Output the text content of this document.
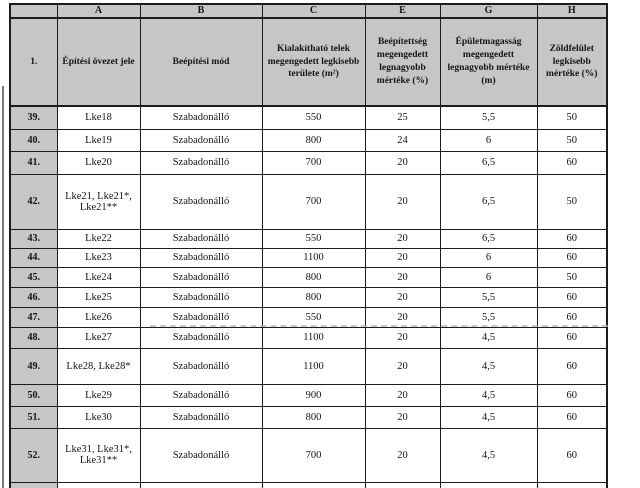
	A	B	C	E	G	H
1.	Építési övezet jele	Beépítési mód	Kialakítható telek megengedett legkisebb területe (m²)	Beépítettség megengedett legnagyobb mértéke (%)	Épületmagasság megengedett legnagyobb mértéke (m)	Zöldfelület legkisebb mértéke (%)
39.	Lke18	Szabadonálló	550	25	5,5	50
40.	Lke19	Szabadonálló	800	24	6	50
41.	Lke20	Szabadonálló	700	20	6,5	60
42.	Lke21, Lke21*, Lke21**	Szabadonálló	700	20	6,5	50
43.	Lke22	Szabadonálló	550	20	6,5	60
44.	Lke23	Szabadonálló	1100	20	6	60
45.	Lke24	Szabadonálló	800	20	6	50
46.	Lke25	Szabadonálló	800	20	5,5	60
47.	Lke26	Szabadonálló	550	20	5,5	60
48.	Lke27	Szabadonálló	1100	20	4,5	60
49.	Lke28, Lke28*	Szabadonálló	1100	20	4,5	60
50.	Lke29	Szabadonálló	900	20	4,5	60
51.	Lke30	Szabadonálló	800	20	4,5	60
52.	Lke31, Lke31*, Lke31**	Szabadonálló	700	20	4,5	60
